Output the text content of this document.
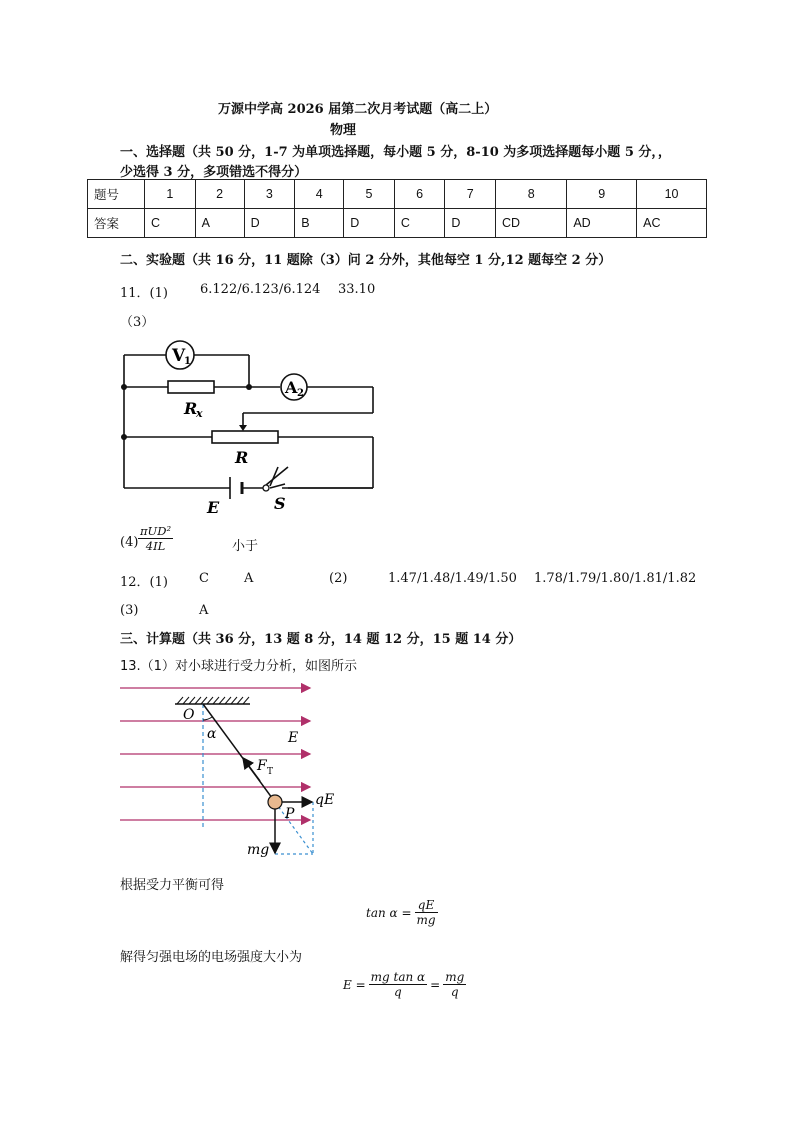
万源中学高 2026 届第二次月考试题（高二上）
物理
一、选择题（共 50 分，1-7 为单项选择题，每小题 5 分，8-10 为多项选择题每小题 5 分，，
少选得 3 分，多项错选不得分）
题号	1	2	3	4	5	6	7	8	9	10
答案	C	A	D	B	D	C	D	CD	AD	AC
二、实验题（共 16 分，11 题除（3）问 2 分外，其他每空 1 分,12 题每空 2 分）
11．(1) 6.122/6.123/6.124 33.10
（3）
V
1
A 2
R
x
R
E	S
(4)
πUD²
4IL	小于
12．(1) C	A	(2)	1.47/1.48/1.49/1.50 1.78/1.79/1.80/1.81/1.82
(3)	A
三、计算题（共 36 分，13 题 8 分，14 题 12 分，15 题 14 分）
13.（1）对小球进行受力分析，如图所示
O
α	E
F T
P
qE
mg
根据受力平衡可得
$\tan \alpha = \frac{qE}{mg}$
解得匀强电场的电场强度大小为
$E = \frac{\text{mg tan α}}{q} = \frac{mg}{q}$
